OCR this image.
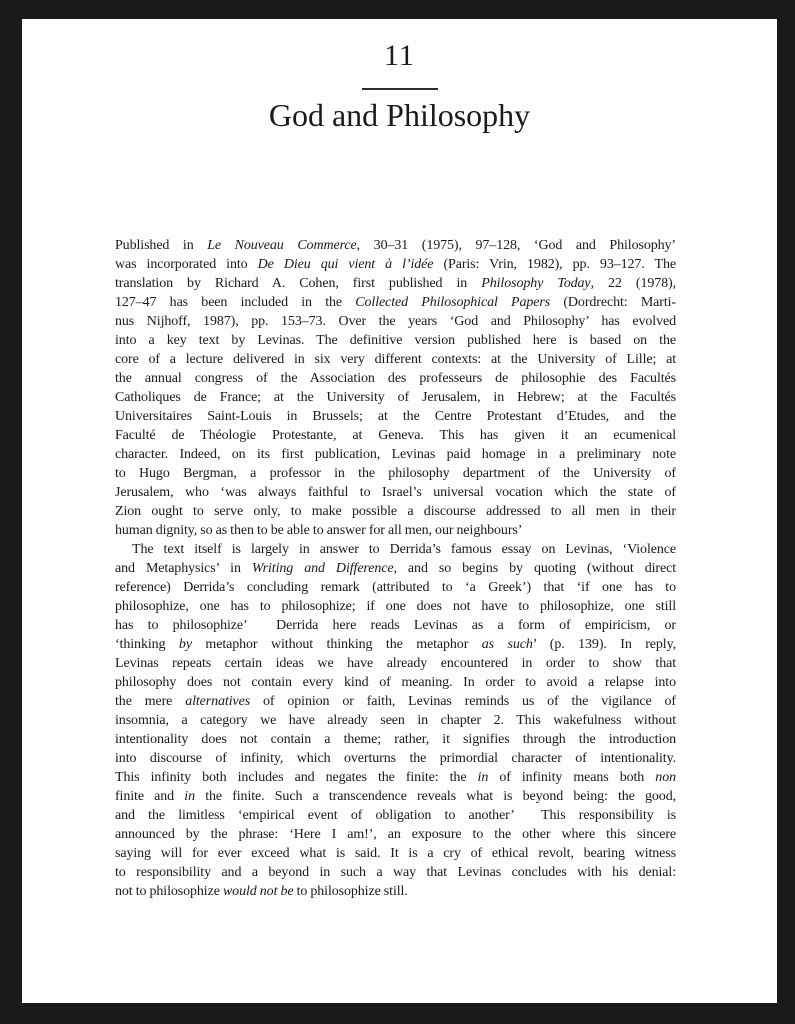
11
God and Philosophy
Published in Le Nouveau Commerce, 30–31 (1975), 97–128, ‘God and Philosophy’
was incorporated into De Dieu qui vient à l’idée (Paris: Vrin, 1982), pp. 93–127. The
translation by Richard A. Cohen, first published in Philosophy Today, 22 (1978),
127–47 has been included in the Collected Philosophical Papers (Dordrecht: Marti-
nus Nijhoff, 1987), pp. 153–73. Over the years ‘God and Philosophy’ has evolved
into a key text by Levinas. The definitive version published here is based on the
core of a lecture delivered in six very different contexts: at the University of Lille; at
the annual congress of the Association des professeurs de philosophie des Facultés
Catholiques de France; at the University of Jerusalem, in Hebrew; at the Facultés
Universitaires Saint-Louis in Brussels; at the Centre Protestant d’Etudes, and the
Faculté de Théologie Protestante, at Geneva. This has given it an ecumenical
character. Indeed, on its first publication, Levinas paid homage in a preliminary note
to Hugo Bergman, a professor in the philosophy department of the University of
Jerusalem, who ‘was always faithful to Israel’s universal vocation which the state of
Zion ought to serve only, to make possible a discourse addressed to all men in their
human dignity, so as then to be able to answer for all men, our neighbours’
The text itself is largely in answer to Derrida’s famous essay on Levinas, ‘Violence
and Metaphysics’ in Writing and Difference, and so begins by quoting (without direct
reference) Derrida’s concluding remark (attributed to ‘a Greek’) that ‘if one has to
philosophize, one has to philosophize; if one does not have to philosophize, one still
has to philosophize’  Derrida here reads Levinas as a form of empiricism, or
‘thinking by metaphor without thinking the metaphor as such’ (p. 139). In reply,
Levinas repeats certain ideas we have already encountered in order to show that
philosophy does not contain every kind of meaning. In order to avoid a relapse into
the mere alternatives of opinion or faith, Levinas reminds us of the vigilance of
insomnia, a category we have already seen in chapter 2. This wakefulness without
intentionality does not contain a theme; rather, it signifies through the introduction
into discourse of infinity, which overturns the primordial character of intentionality.
This infinity both includes and negates the finite: the in of infinity means both non
finite and in the finite. Such a transcendence reveals what is beyond being: the good,
and the limitless ‘empirical event of obligation to another’  This responsibility is
announced by the phrase: ‘Here I am!’, an exposure to the other where this sincere
saying will for ever exceed what is said. It is a cry of ethical revolt, bearing witness
to responsibility and a beyond in such a way that Levinas concludes with his denial:
not to philosophize would not be to philosophize still.
